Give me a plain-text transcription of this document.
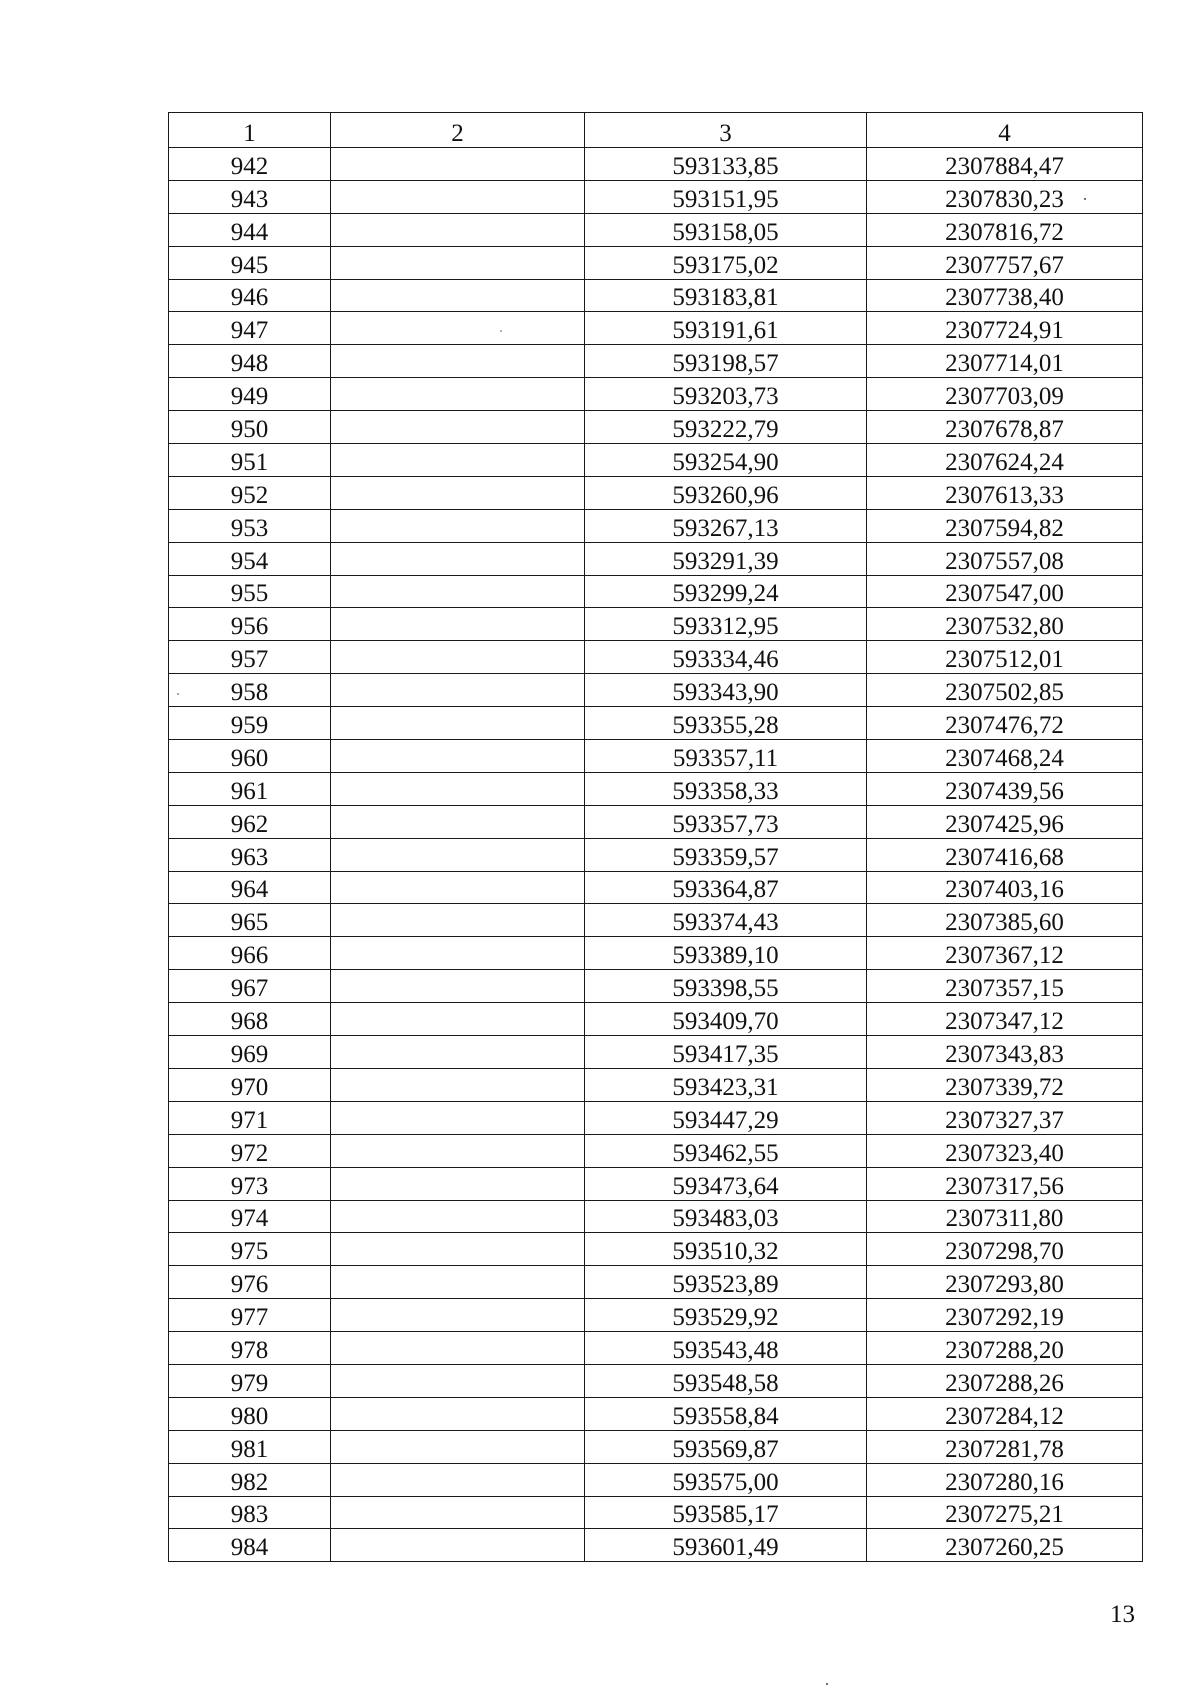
1	2	3	4
942		593133,85	2307884,47
943		593151,95	2307830,23
944		593158,05	2307816,72
945		593175,02	2307757,67
946		593183,81	2307738,40
947		593191,61	2307724,91
948		593198,57	2307714,01
949		593203,73	2307703,09
950		593222,79	2307678,87
951		593254,90	2307624,24
952		593260,96	2307613,33
953		593267,13	2307594,82
954		593291,39	2307557,08
955		593299,24	2307547,00
956		593312,95	2307532,80
957		593334,46	2307512,01
958		593343,90	2307502,85
959		593355,28	2307476,72
960		593357,11	2307468,24
961		593358,33	2307439,56
962		593357,73	2307425,96
963		593359,57	2307416,68
964		593364,87	2307403,16
965		593374,43	2307385,60
966		593389,10	2307367,12
967		593398,55	2307357,15
968		593409,70	2307347,12
969		593417,35	2307343,83
970		593423,31	2307339,72
971		593447,29	2307327,37
972		593462,55	2307323,40
973		593473,64	2307317,56
974		593483,03	2307311,80
975		593510,32	2307298,70
976		593523,89	2307293,80
977		593529,92	2307292,19
978		593543,48	2307288,20
979		593548,58	2307288,26
980		593558,84	2307284,12
981		593569,87	2307281,78
982		593575,00	2307280,16
983		593585,17	2307275,21
984		593601,49	2307260,25
13
